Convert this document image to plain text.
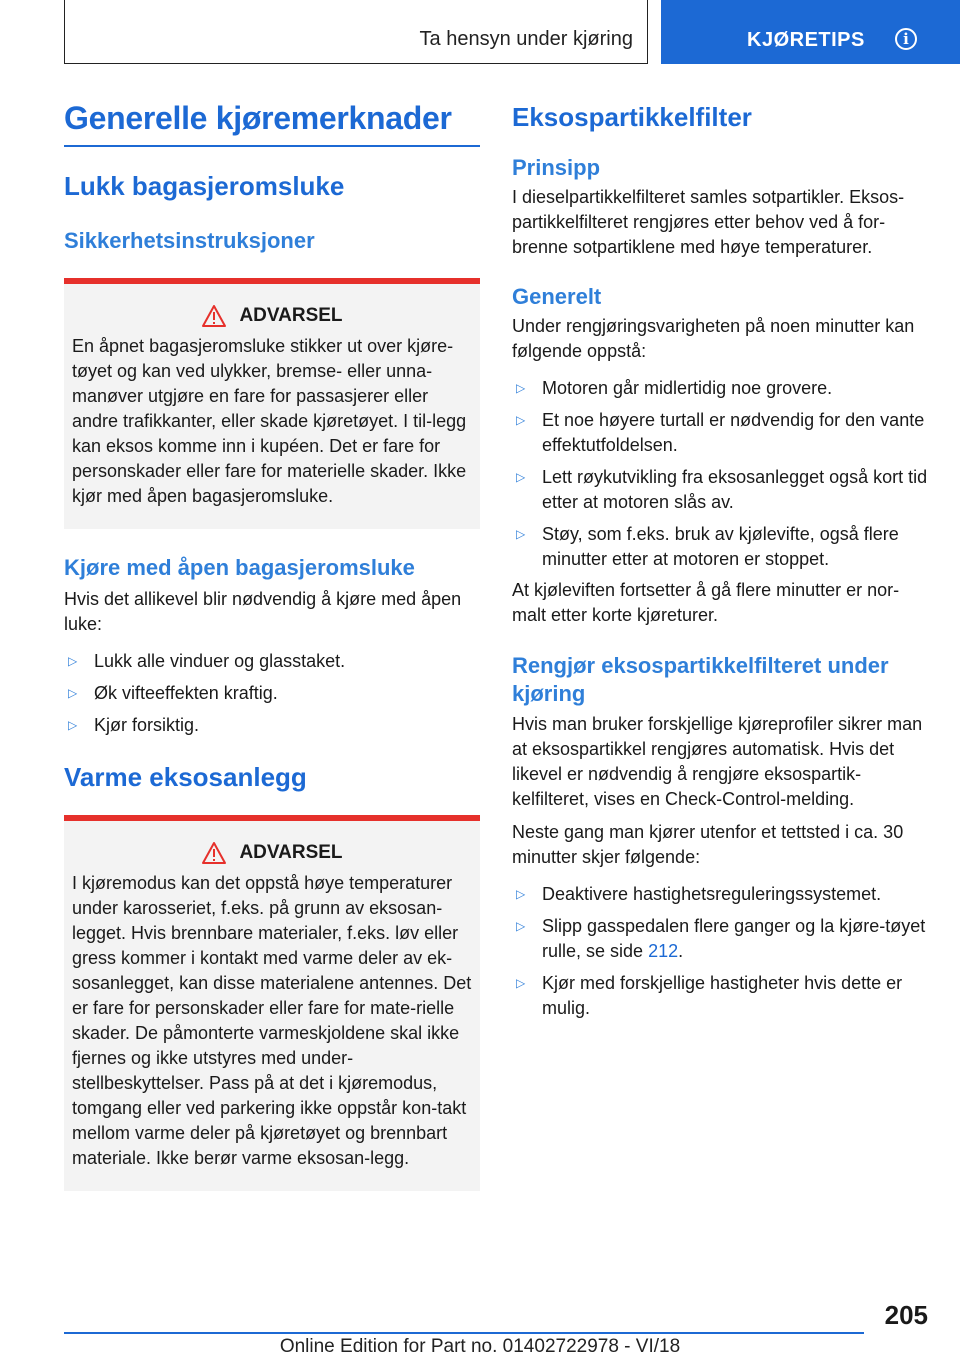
Ta hensyn under kjøring	KJØRETIPS	i
Generelle kjøremerknader
Lukk bagasjeromsluke
Sikkerhetsinstruksjoner
ADVARSEL

En åpnet bagasjeromsluke stikker ut over kjøre-tøyet og kan ved ulykker, bremse- eller unna-manøver utgjøre en fare for passasjerer eller andre trafikkanter, eller skade kjøretøyet. I til-legg kan eksos komme inn i kupéen. Det er fare for personskader eller fare for materielle skader. Ikke kjør med åpen bagasjeromsluke.

Kjøre med åpen bagasjeromsluke

Hvis det allikevel blir nødvendig å kjøre med åpen luke:

▷ Lukk alle vinduer og glasstaket.
▷ Øk vifteeffekten kraftig.
▷ Kjør forsiktig.
Varme eksosanlegg
ADVARSEL

I kjøremodus kan det oppstå høye temperaturer under karosseriet, f.eks. på grunn av eksosan-legget. Hvis brennbare materialer, f.eks. løv eller gress kommer i kontakt med varme deler av ek-sosanlegget, kan disse materialene antennes. Det er fare for personskader eller fare for mate-rielle skader. De påmonterte varmeskjoldene skal ikke fjernes og ikke utstyres med under-stellbeskyttelser. Pass på at det i kjøremodus, tomgang eller ved parkering ikke oppstår kon-takt mellom varme deler på kjøretøyet og brennbart materiale. Ikke berør varme eksosan-legg.

Eksospartikkelfilter
Prinsipp

I dieselpartikkelfilteret samles sotpartikler. Eksos-partikkelfilteret rengjøres etter behov ved å for-brenne sotpartiklene med høye temperaturer.

Generelt

Under rengjøringsvarigheten på noen minutter kan følgende oppstå:

▷ Motoren går midlertidig noe grovere.
▷ Et noe høyere turtall er nødvendig for den vante effektutfoldelsen.
▷ Lett røykutvikling fra eksosanlegget også kort tid etter at motoren slås av.
▷ Støy, som f.eks. bruk av kjølevifte, også flere minutter etter at motoren er stoppet.

At kjøleviften fortsetter å gå flere minutter er nor-malt etter korte kjøreturer.

Rengjør eksospartikkelfilteret under kjøring

Hvis man bruker forskjellige kjøreprofiler sikrer man at eksospartikkel rengjøres automatisk. Hvis det likevel er nødvendig å rengjøre eksospartik-kelfilteret, vises en Check-Control-melding.

Neste gang man kjører utenfor et tettsted i ca. 30 minutter skjer følgende:

▷ Deaktivere hastighetsreguleringssystemet.
▷ Slipp gasspedalen flere ganger og la kjøre-tøyet rulle, se side 212.
▷ Kjør med forskjellige hastigheter hvis dette er mulig.
205
Online Edition for Part no. 01402722978 - VI/18
